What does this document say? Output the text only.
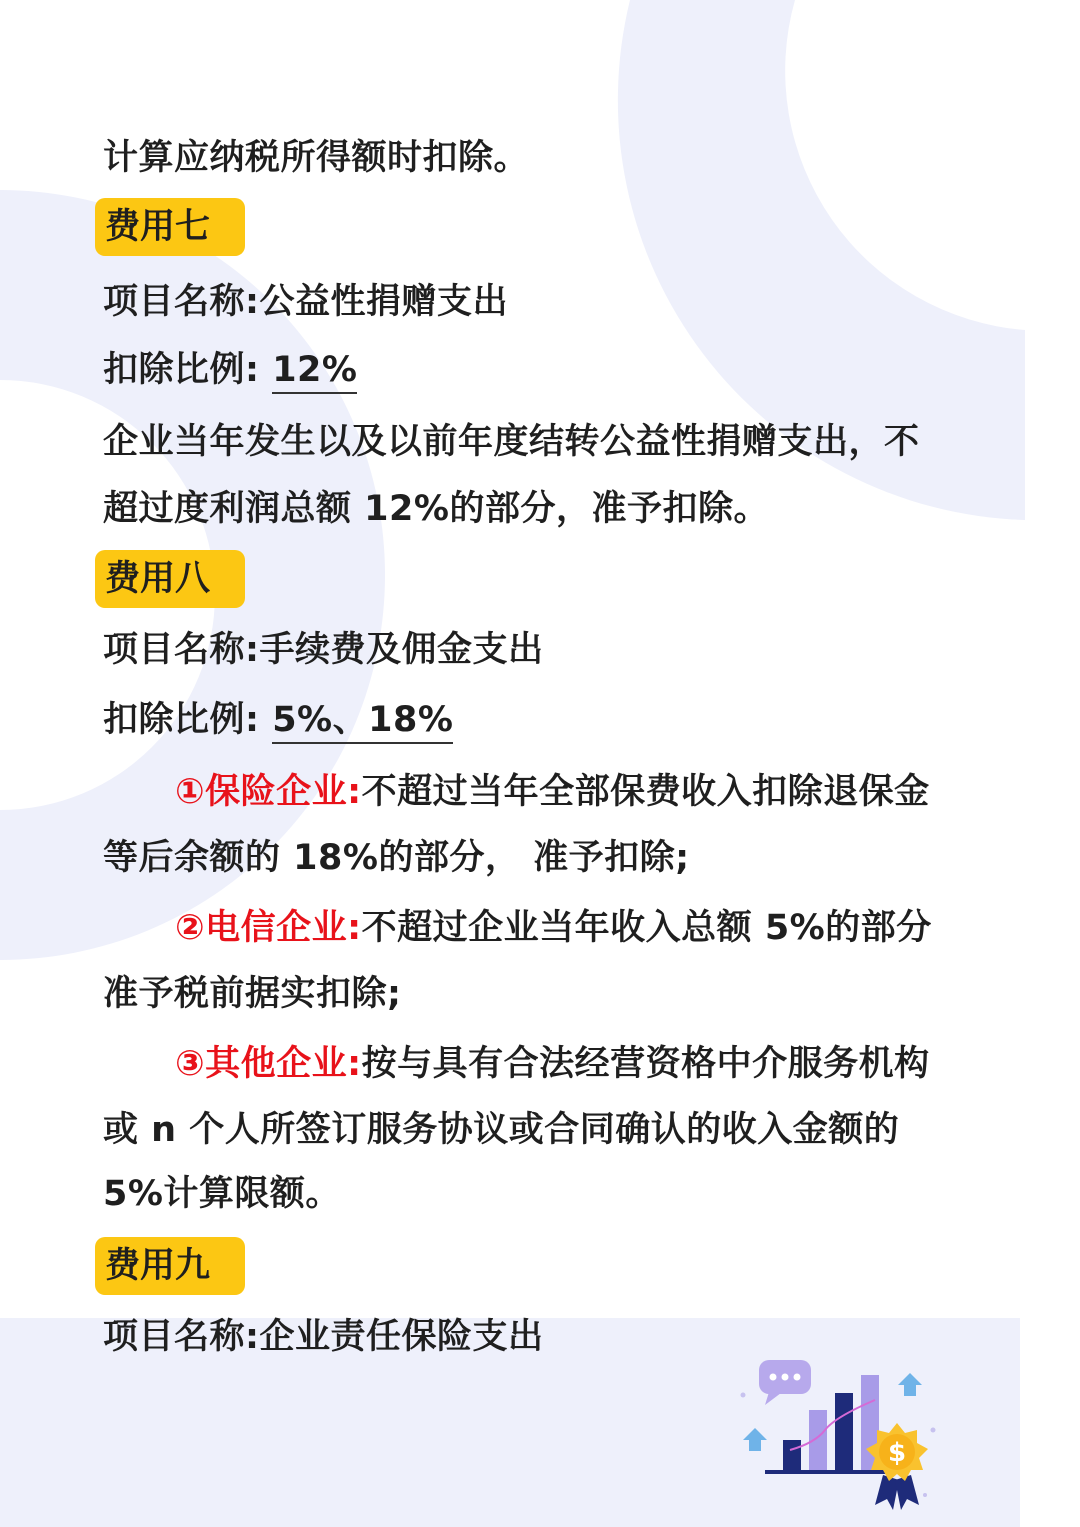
计算应纳税所得额时扣除。
费用七
项目名称:公益性捐赠支出
扣除比例: 12%
企业当年发生以及以前年度结转公益性捐赠支出，不
超过度利润总额 12%的部分，准予扣除。
费用八
项目名称:手续费及佣金支出
扣除比例: 5%、18%
①保险企业:不超过当年全部保费收入扣除退保金
等后余额的 18%的部分， 准予扣除;
②电信企业:不超过企业当年收入总额 5%的部分
准予税前据实扣除;
③其他企业:按与具有合法经营资格中介服务机构
或 n 个人所签订服务协议或合同确认的收入金额的
5%计算限额。
费用九
项目名称:企业责任保险支出
$
